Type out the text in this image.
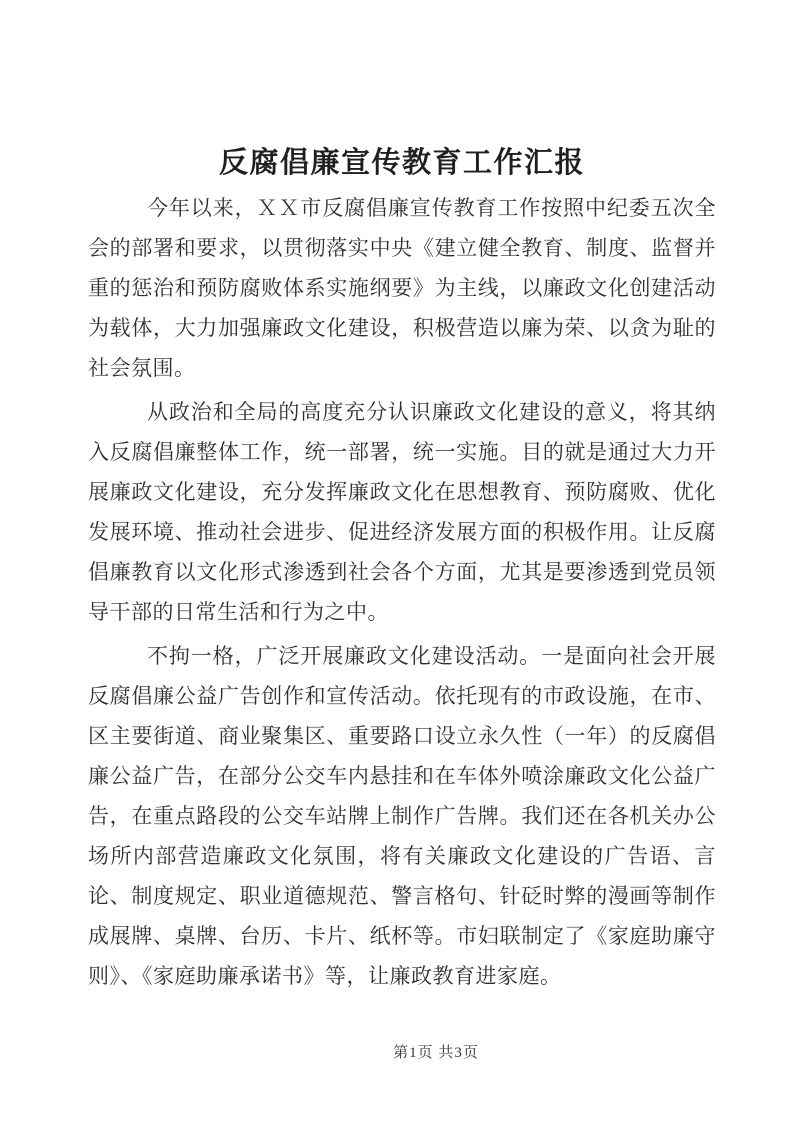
反腐倡廉宣传教育工作汇报

今年以来，ＸＸ市反腐倡廉宣传教育工作按照中纪委五次全会的部署和要求，以贯彻落实中央《建立健全教育、制度、监督并重的惩治和预防腐败体系实施纲要》为主线，以廉政文化创建活动为载体，大力加强廉政文化建设，积极营造以廉为荣、以贪为耻的社会氛围。

从政治和全局的高度充分认识廉政文化建设的意义，将其纳入反腐倡廉整体工作，统一部署，统一实施。目的就是通过大力开展廉政文化建设，充分发挥廉政文化在思想教育、预防腐败、优化发展环境、推动社会进步、促进经济发展方面的积极作用。让反腐倡廉教育以文化形式渗透到社会各个方面，尤其是要渗透到党员领导干部的日常生活和行为之中。

不拘一格，广泛开展廉政文化建设活动。一是面向社会开展反腐倡廉公益广告创作和宣传活动。依托现有的市政设施，在市、区主要街道、商业聚集区、重要路口设立永久性（一年）的反腐倡廉公益广告，在部分公交车内悬挂和在车体外喷涂廉政文化公益广告，在重点路段的公交车站牌上制作广告牌。我们还在各机关办公场所内部营造廉政文化氛围，将有关廉政文化建设的广告语、言论、制度规定、职业道德规范、警言格句、针砭时弊的漫画等制作成展牌、桌牌、台历、卡片、纸杯等。市妇联制定了《家庭助廉守则》、《家庭助廉承诺书》等，让廉政教育进家庭。

第1页 共3页
